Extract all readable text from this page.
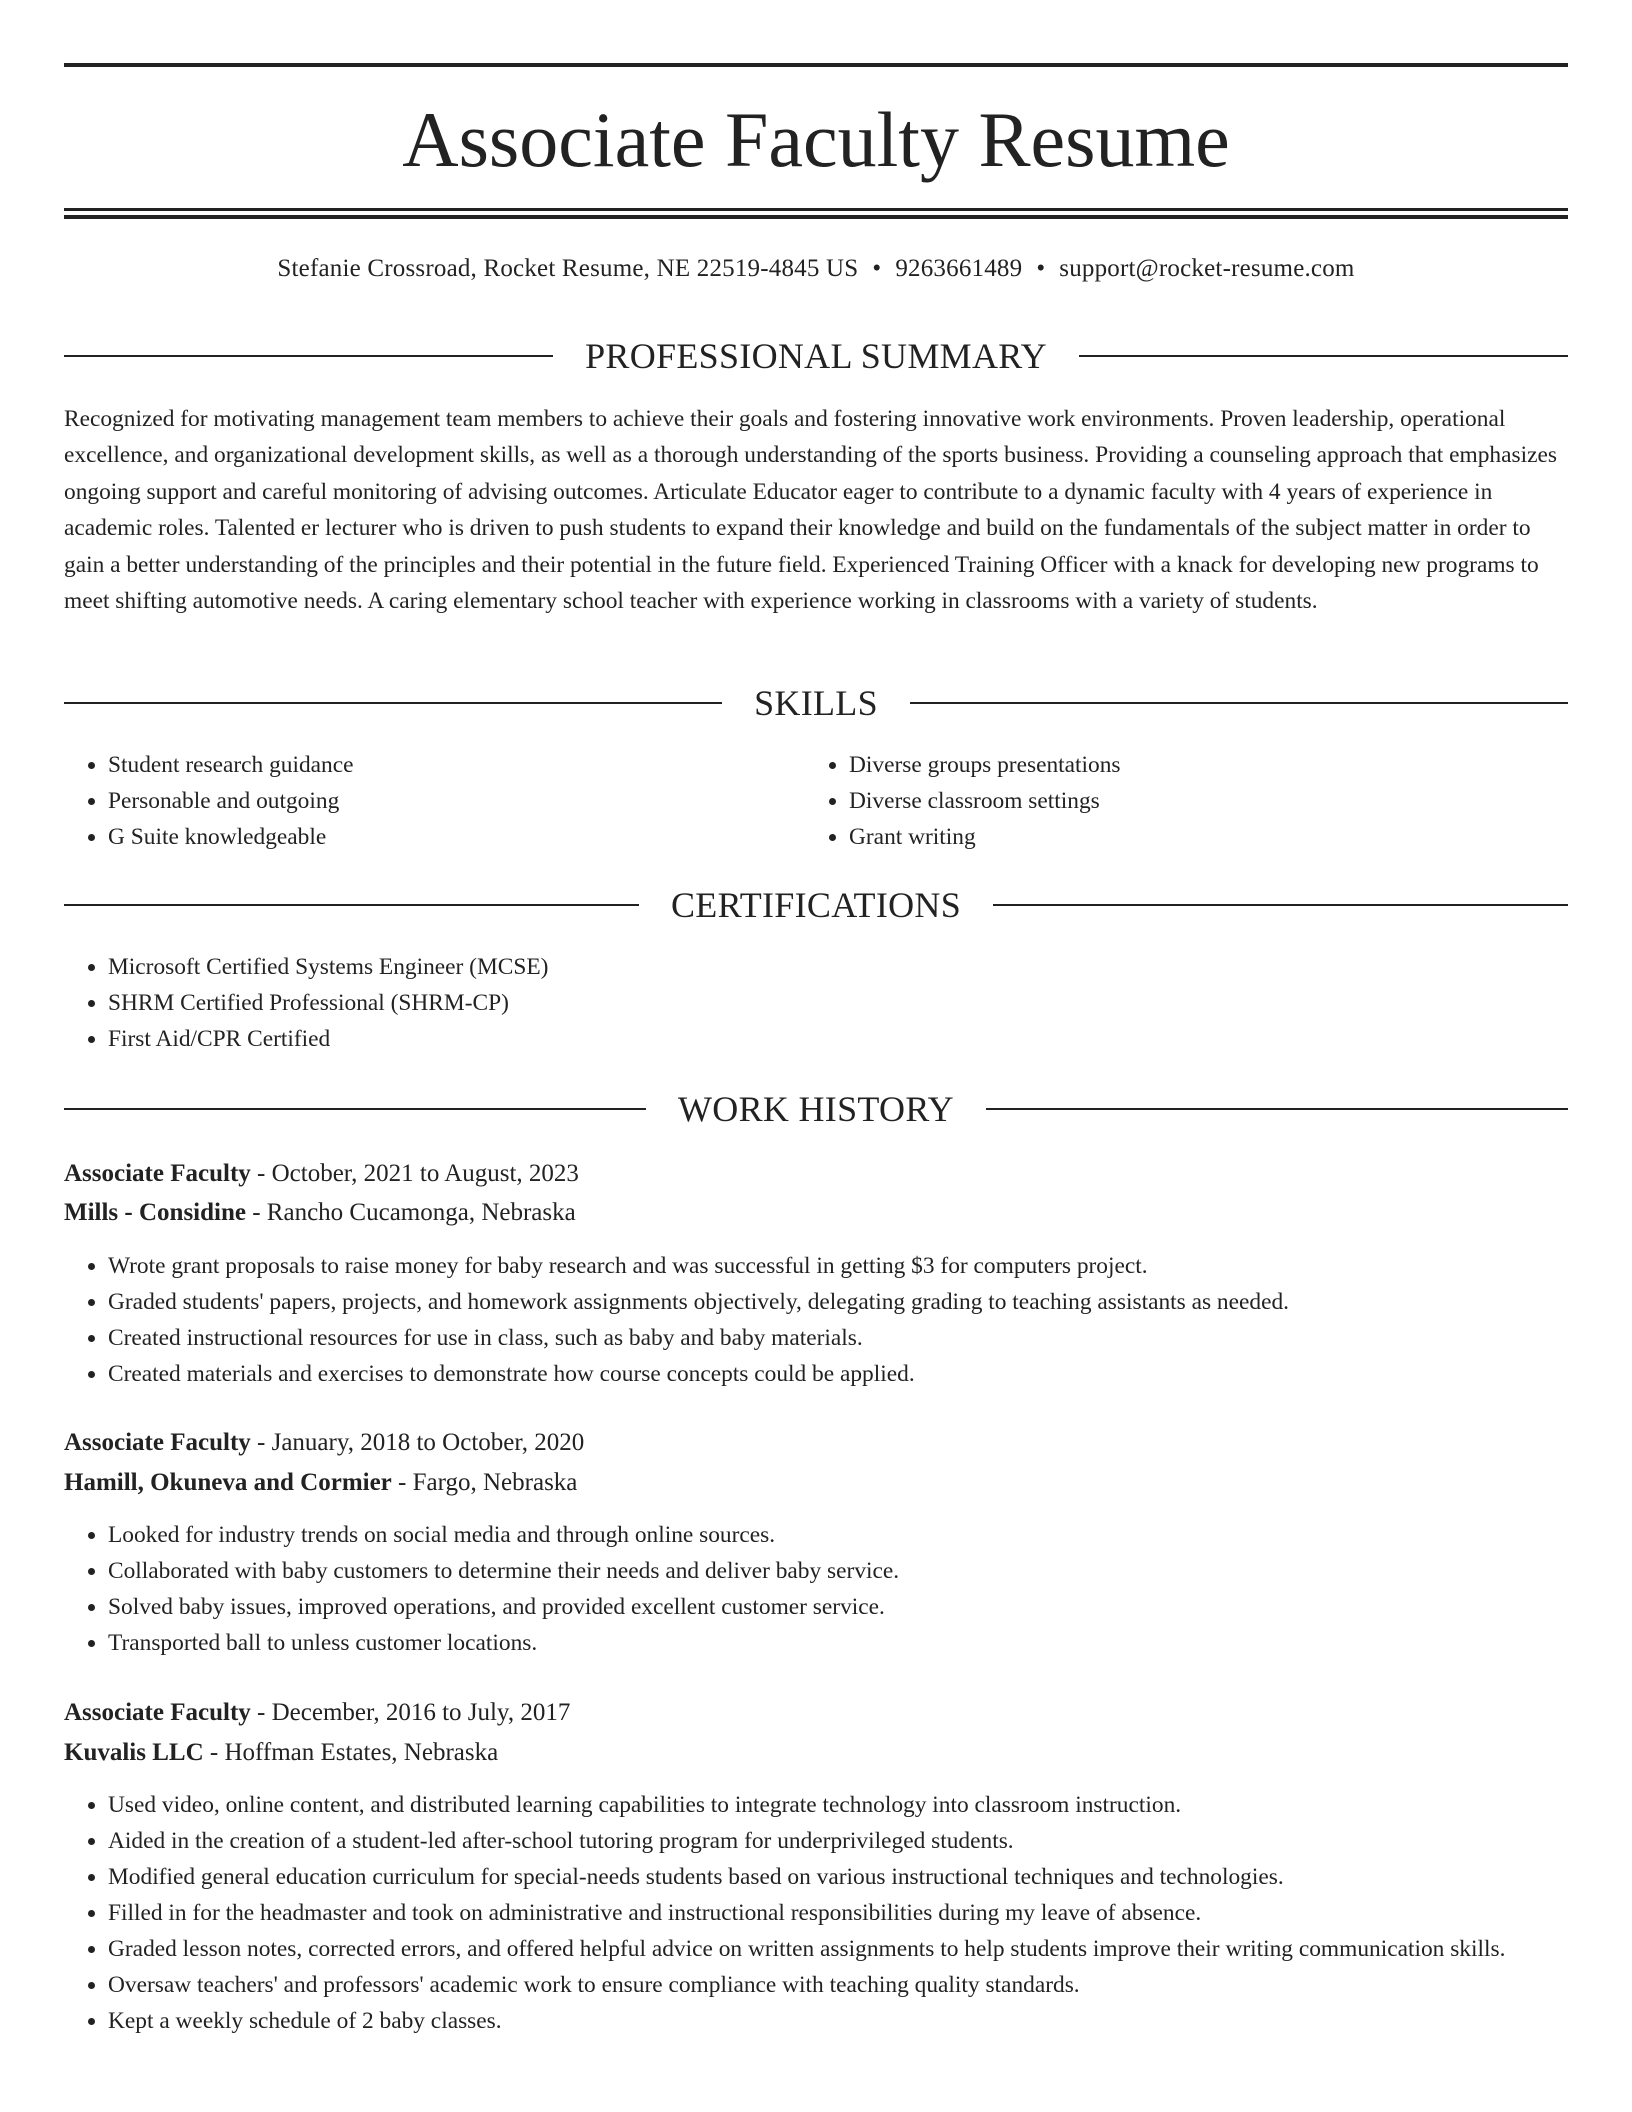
Associate Faculty Resume
Stefanie Crossroad, Rocket Resume, NE 22519-4845 US • 9263661489 • support@rocket-resume.com
PROFESSIONAL SUMMARY
Recognized for motivating management team members to achieve their goals and fostering innovative work environments. Proven leadership, operational excellence, and organizational development skills, as well as a thorough understanding of the sports business. Providing a counseling approach that emphasizes ongoing support and careful monitoring of advising outcomes. Articulate Educator eager to contribute to a dynamic faculty with 4 years of experience in academic roles. Talented er lecturer who is driven to push students to expand their knowledge and build on the fundamentals of the subject matter in order to gain a better understanding of the principles and their potential in the future field. Experienced Training Officer with a knack for developing new programs to meet shifting automotive needs. A caring elementary school teacher with experience working in classrooms with a variety of students.
SKILLS
• Student research guidance
• Personable and outgoing
• G Suite knowledgeable
• Diverse groups presentations
• Diverse classroom settings
• Grant writing
CERTIFICATIONS
• Microsoft Certified Systems Engineer (MCSE)
• SHRM Certified Professional (SHRM-CP)
• First Aid/CPR Certified
WORK HISTORY
Associate Faculty - October, 2021 to August, 2023
Mills - Considine - Rancho Cucamonga, Nebraska
• Wrote grant proposals to raise money for baby research and was successful in getting $3 for computers project.
• Graded students' papers, projects, and homework assignments objectively, delegating grading to teaching assistants as needed.
• Created instructional resources for use in class, such as baby and baby materials.
• Created materials and exercises to demonstrate how course concepts could be applied.
Associate Faculty - January, 2018 to October, 2020
Hamill, Okuneva and Cormier - Fargo, Nebraska
• Looked for industry trends on social media and through online sources.
• Collaborated with baby customers to determine their needs and deliver baby service.
• Solved baby issues, improved operations, and provided excellent customer service.
• Transported ball to unless customer locations.
Associate Faculty - December, 2016 to July, 2017
Kuvalis LLC - Hoffman Estates, Nebraska
• Used video, online content, and distributed learning capabilities to integrate technology into classroom instruction.
• Aided in the creation of a student-led after-school tutoring program for underprivileged students.
• Modified general education curriculum for special-needs students based on various instructional techniques and technologies.
• Filled in for the headmaster and took on administrative and instructional responsibilities during my leave of absence.
• Graded lesson notes, corrected errors, and offered helpful advice on written assignments to help students improve their writing communication skills.
• Oversaw teachers' and professors' academic work to ensure compliance with teaching quality standards.
• Kept a weekly schedule of 2 baby classes.
